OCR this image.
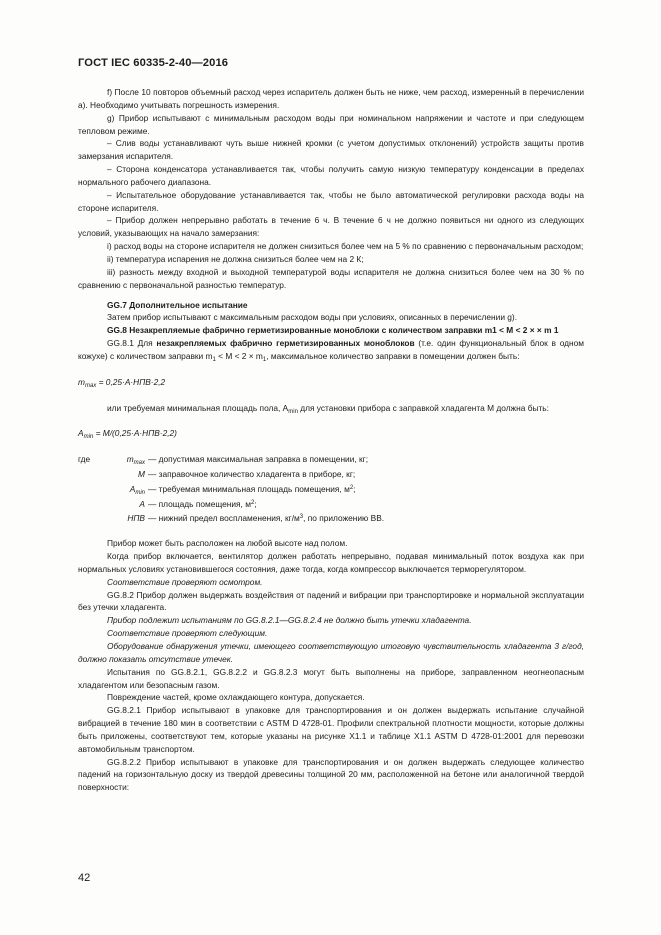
ГОСТ IEC 60335-2-40—2016

f) После 10 повторов объемный расход через испаритель должен быть не ниже, чем расход, измеренный в перечислении а). Необходимо учитывать погрешность измерения.

g) Прибор испытывают с минимальным расходом воды при номинальном напряжении и частоте и при следующем тепловом режиме.

– Слив воды устанавливают чуть выше нижней кромки (с учетом допустимых отклонений) устройств защиты против замерзания испарителя.

– Сторона конденсатора устанавливается так, чтобы получить самую низкую температуру конденсации в пределах нормального рабочего диапазона.

– Испытательное оборудование устанавливается так, чтобы не было автоматической регулировки расхода воды на стороне испарителя.

– Прибор должен непрерывно работать в течение 6 ч. В течение 6 ч не должно появиться ни одного из следующих условий, указывающих на начало замерзания:

i) расход воды на стороне испарителя не должен снизиться более чем на 5 % по сравнению с первоначальным расходом;

ii) температура испарения не должна снизиться более чем на 2 К;

iii) разность между входной и выходной температурой воды испарителя не должна снизиться более чем на 30 % по сравнению с первоначальной разностью температур.

GG.7 Дополнительное испытание

Затем прибор испытывают с максимальным расходом воды при условиях, описанных в перечислении g).

GG.8 Незакрепляемые фабрично герметизированные моноблоки с количеством заправки m1 < M < 2 × × m 1

GG.8.1 Для незакрепляемых фабрично герметизированных моноблоков (т.е. один функциональный блок в одном кожухе) с количеством заправки $m_1 < M < 2 \times m_1$, максимальное количество заправки в помещении должен быть:

$m_{max} = 0,25\cdot A\cdot НПВ\cdot 2,2$

или требуемая минимальная площадь пола, $A_{min}$ для установки прибора с заправкой хладагента M должна быть:

$A_{min} = M/(0,25\cdot A\cdot НПВ\cdot 2,2)$

где	$m_{max}$ — допустимая максимальная заправка в помещении, кг;
M — заправочное количество хладагента в приборе, кг;
$A_{min}$ — требуемая минимальная площадь помещения, $м^2$;
A — площадь помещения, $м^2$;
НПВ — нижний предел воспламенения, $кг/м^3$, по приложению ВВ.

Прибор может быть расположен на любой высоте над полом.

Когда прибор включается, вентилятор должен работать непрерывно, подавая минимальный поток воздуха как при нормальных условиях установившегося состояния, даже тогда, когда компрессор выключается терморегулятором.

Соответствие проверяют осмотром.

GG.8.2 Прибор должен выдержать воздействия от падений и вибрации при транспортировке и нормальной эксплуатации без утечки хладагента.

Прибор подлежит испытаниям по GG.8.2.1—GG.8.2.4 не должно быть утечки хладагента.

Соответствие проверяют следующим.

Оборудование обнаружения утечки, имеющего соответствующую итоговую чувствительность хладагента 3 г/год, должно показать отсутствие утечек.

Испытания по GG.8.2.1, GG.8.2.2 и GG.8.2.3 могут быть выполнены на приборе, заправленном неогнеопасным хладагентом или безопасным газом.

Повреждение частей, кроме охлаждающего контура, допускается.

GG.8.2.1 Прибор испытывают в упаковке для транспортирования и он должен выдержать испытание случайной вибрацией в течение 180 мин в соответствии с ASTM D 4728-01. Профили спектральной плотности мощности, которые должны быть приложены, соответствуют тем, которые указаны на рисунке X1.1 и таблице X1.1 ASTM D 4728-01:2001 для перевозки автомобильным транспортом.

GG.8.2.2 Прибор испытывают в упаковке для транспортирования и он должен выдержать следующее количество падений на горизонтальную доску из твердой древесины толщиной 20 мм, расположенной на бетоне или аналогичной твердой поверхности:

42
